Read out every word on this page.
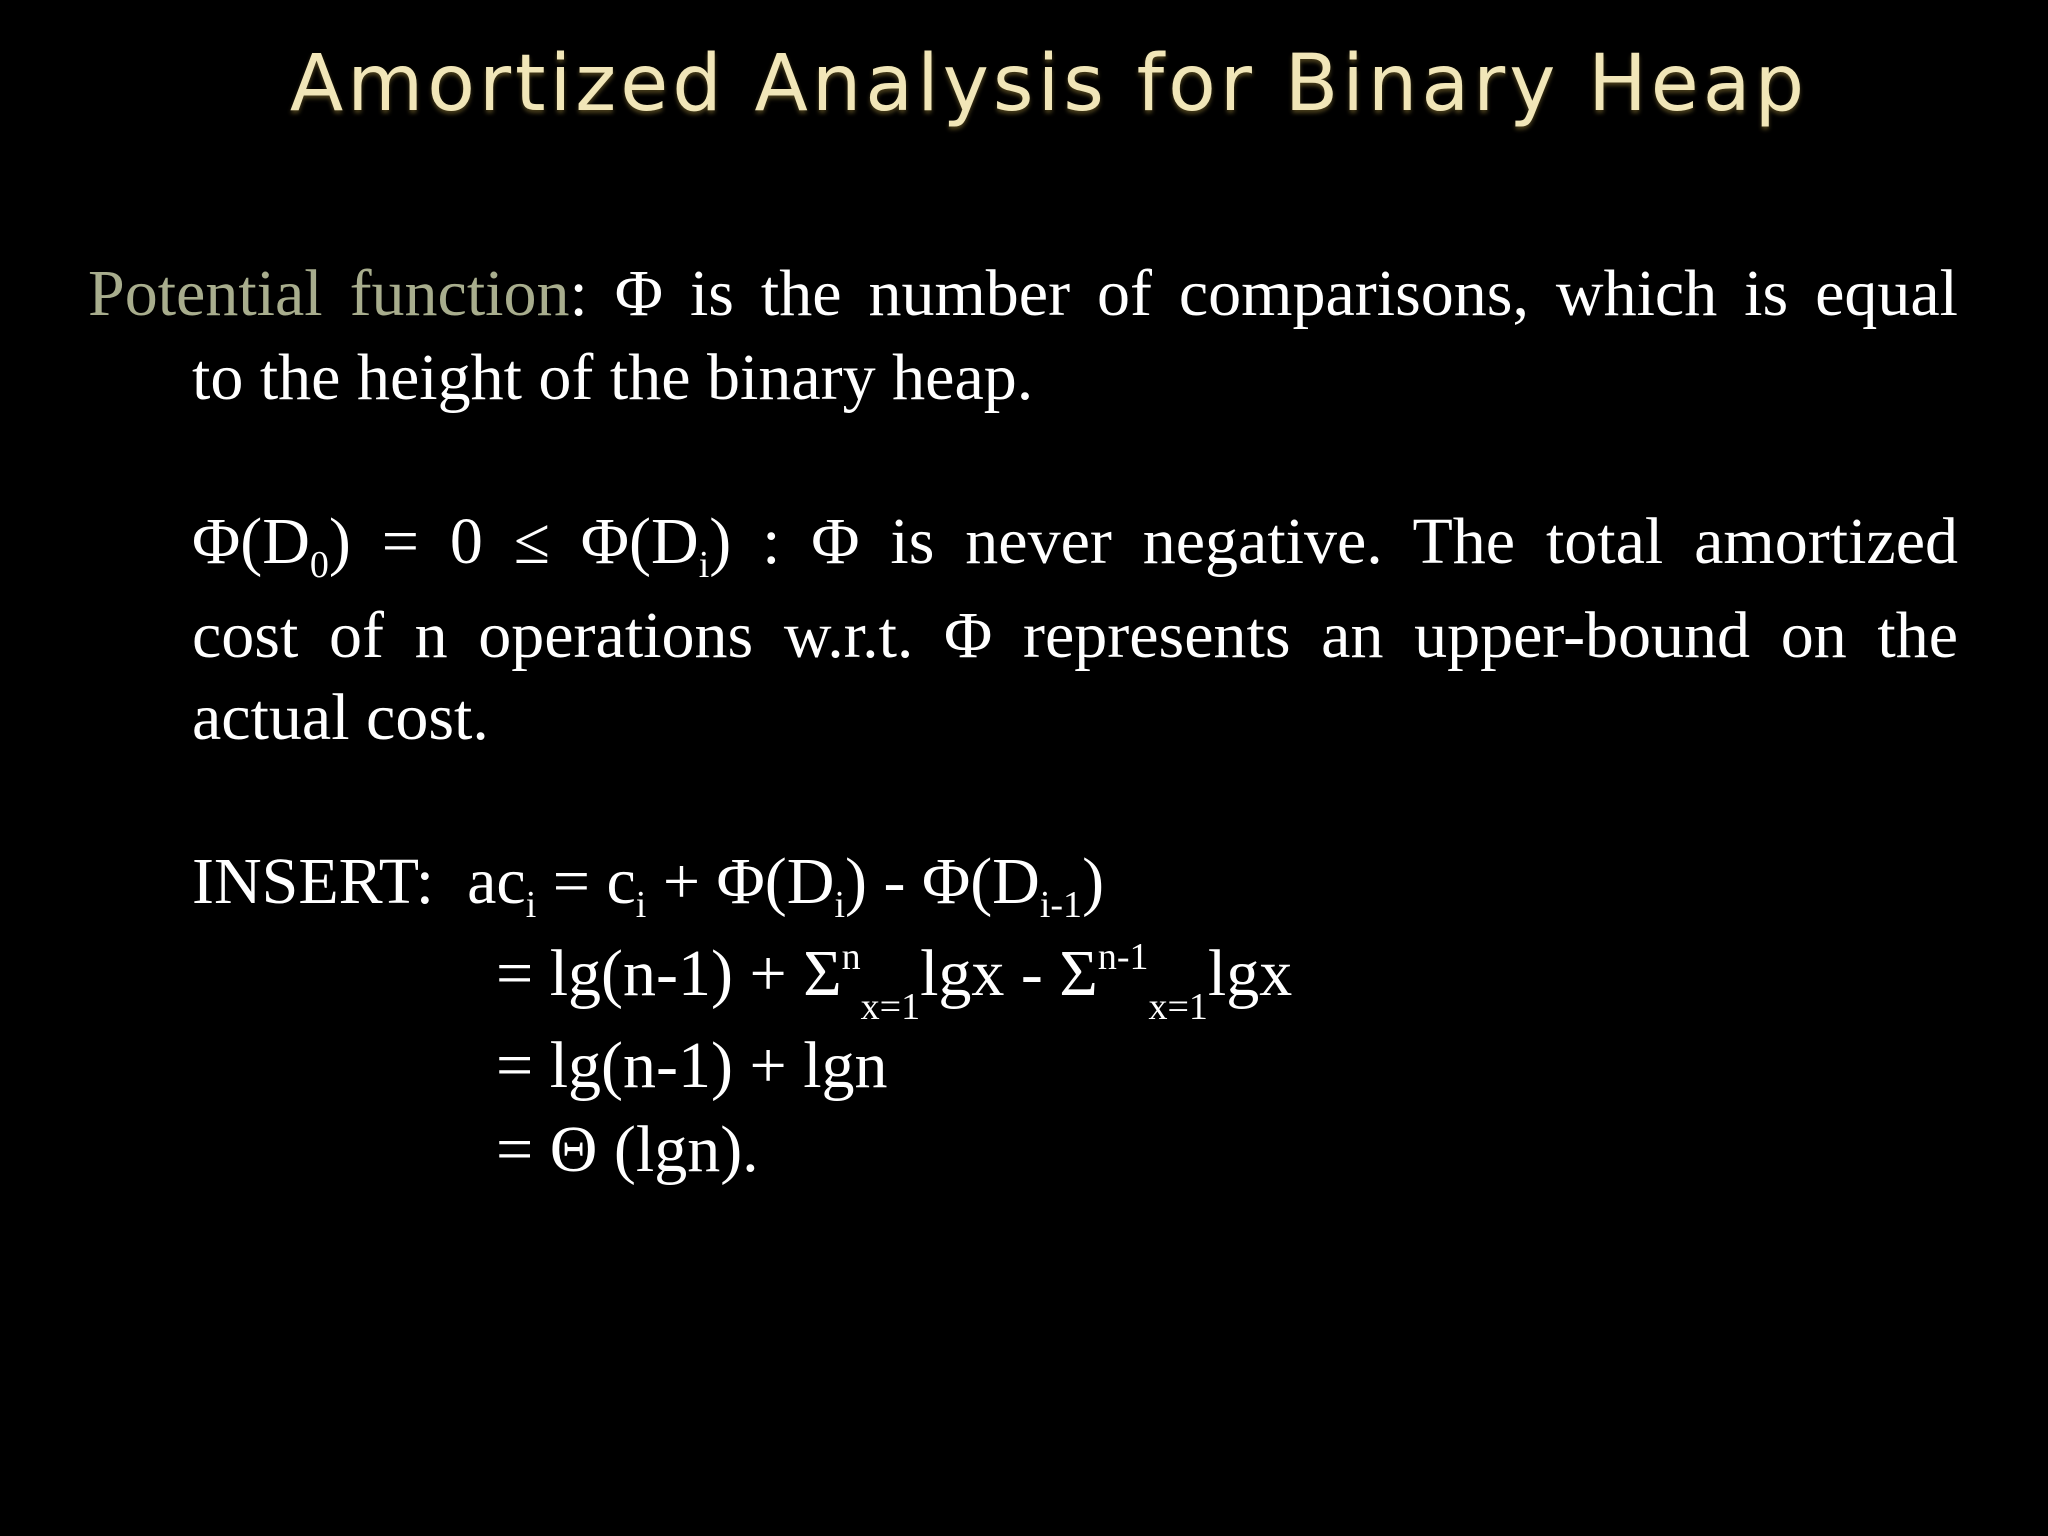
Amortized Analysis for Binary Heap
Potential function: Φ is the number of comparisons, which is equal
to the height of the binary heap.
$\Phi(D_0) = 0 \le \Phi(D_i)$ : Φ is never negative. The total amortized
cost of n operations w.r.t. Φ represents an upper-bound on the
actual cost.
INSERT: $ac_i = c_i + \Phi(D_i) - \Phi(D_{i-1})$
= $\lg(n-1) + \Sigma^n_{x=1}\lg x - \Sigma^{n-1}_{x=1}\lg x$
= lg(n-1) + lgn
= Θ (lgn).
